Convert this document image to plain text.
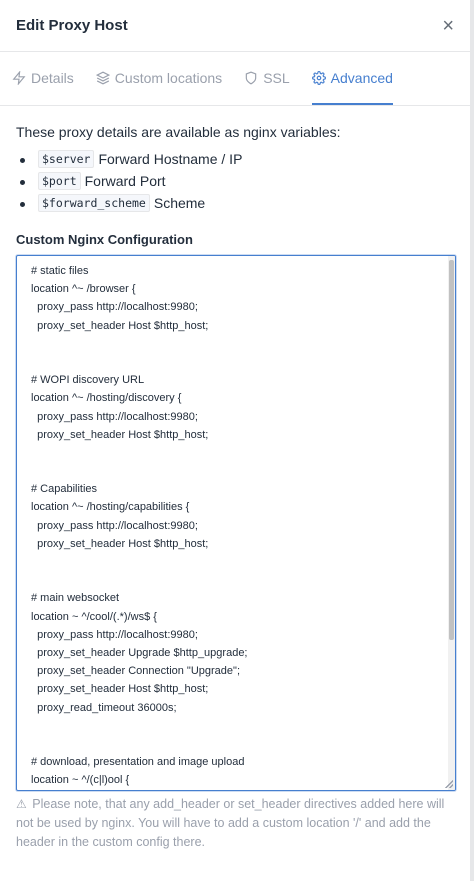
Edit Proxy Host	×
Details	Custom locations	SSL	Advanced
These proxy details are available as nginx variables:
$server Forward Hostname / IP
$port Forward Port
$forward_scheme Scheme
Custom Nginx Configuration
# static files
location ^~ /browser {
proxy_pass http://localhost:9980;
proxy_set_header Host $http_host;
# WOPI discovery URL
location ^~ /hosting/discovery {
proxy_pass http://localhost:9980;
proxy_set_header Host $http_host;
# Capabilities
location ^~ /hosting/capabilities {
proxy_pass http://localhost:9980;
proxy_set_header Host $http_host;
# main websocket
location ~ ^/cool/(.*)/ws$ {
proxy_pass http://localhost:9980;
proxy_set_header Upgrade $http_upgrade;
proxy_set_header Connection "Upgrade";
proxy_set_header Host $http_host;
proxy_read_timeout 36000s;
# download, presentation and image upload
location ~ ^/(c|l)ool {
⚠ Please note, that any add_header or set_header directives added here will not be used by nginx. You will have to add a custom location '/' and add the header in the custom config there.
